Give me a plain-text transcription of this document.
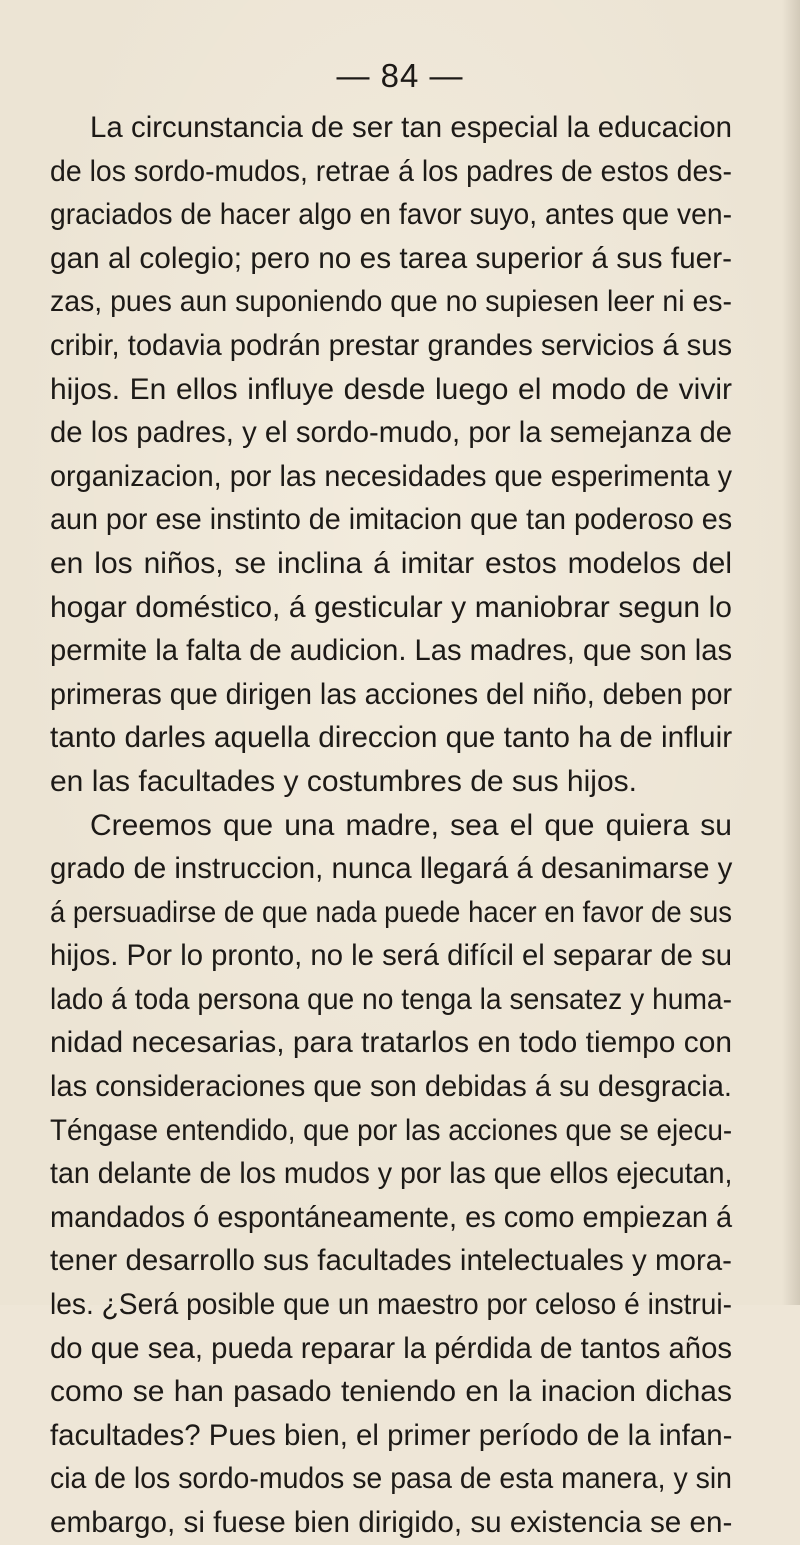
— 84 —
La circunstancia de ser tan especial la educacion
de los sordo-mudos, retrae á los padres de estos des-
graciados de hacer algo en favor suyo, antes que ven-
gan al colegio; pero no es tarea superior á sus fuer-
zas, pues aun suponiendo que no supiesen leer ni es-
cribir, todavia podrán prestar grandes servicios á sus
hijos. En ellos influye desde luego el modo de vivir
de los padres, y el sordo-mudo, por la semejanza de
organizacion, por las necesidades que esperimenta y
aun por ese instinto de imitacion que tan poderoso es
en los niños, se inclina á imitar estos modelos del
hogar doméstico, á gesticular y maniobrar segun lo
permite la falta de audicion. Las madres, que son las
primeras que dirigen las acciones del niño, deben por
tanto darles aquella direccion que tanto ha de influir
en las facultades y costumbres de sus hijos.
Creemos que una madre, sea el que quiera su
grado de instruccion, nunca llegará á desanimarse y
á persuadirse de que nada puede hacer en favor de sus
hijos. Por lo pronto, no le será difícil el separar de su
lado á toda persona que no tenga la sensatez y huma-
nidad necesarias, para tratarlos en todo tiempo con
las consideraciones que son debidas á su desgracia.
Téngase entendido, que por las acciones que se ejecu-
tan delante de los mudos y por las que ellos ejecutan,
mandados ó espontáneamente, es como empiezan á
tener desarrollo sus facultades intelectuales y mora-
les. ¿Será posible que un maestro por celoso é instrui-
do que sea, pueda reparar la pérdida de tantos años
como se han pasado teniendo en la inacion dichas
facultades? Pues bien, el primer período de la infan-
cia de los sordo-mudos se pasa de esta manera, y sin
embargo, si fuese bien dirigido, su existencia se en-
